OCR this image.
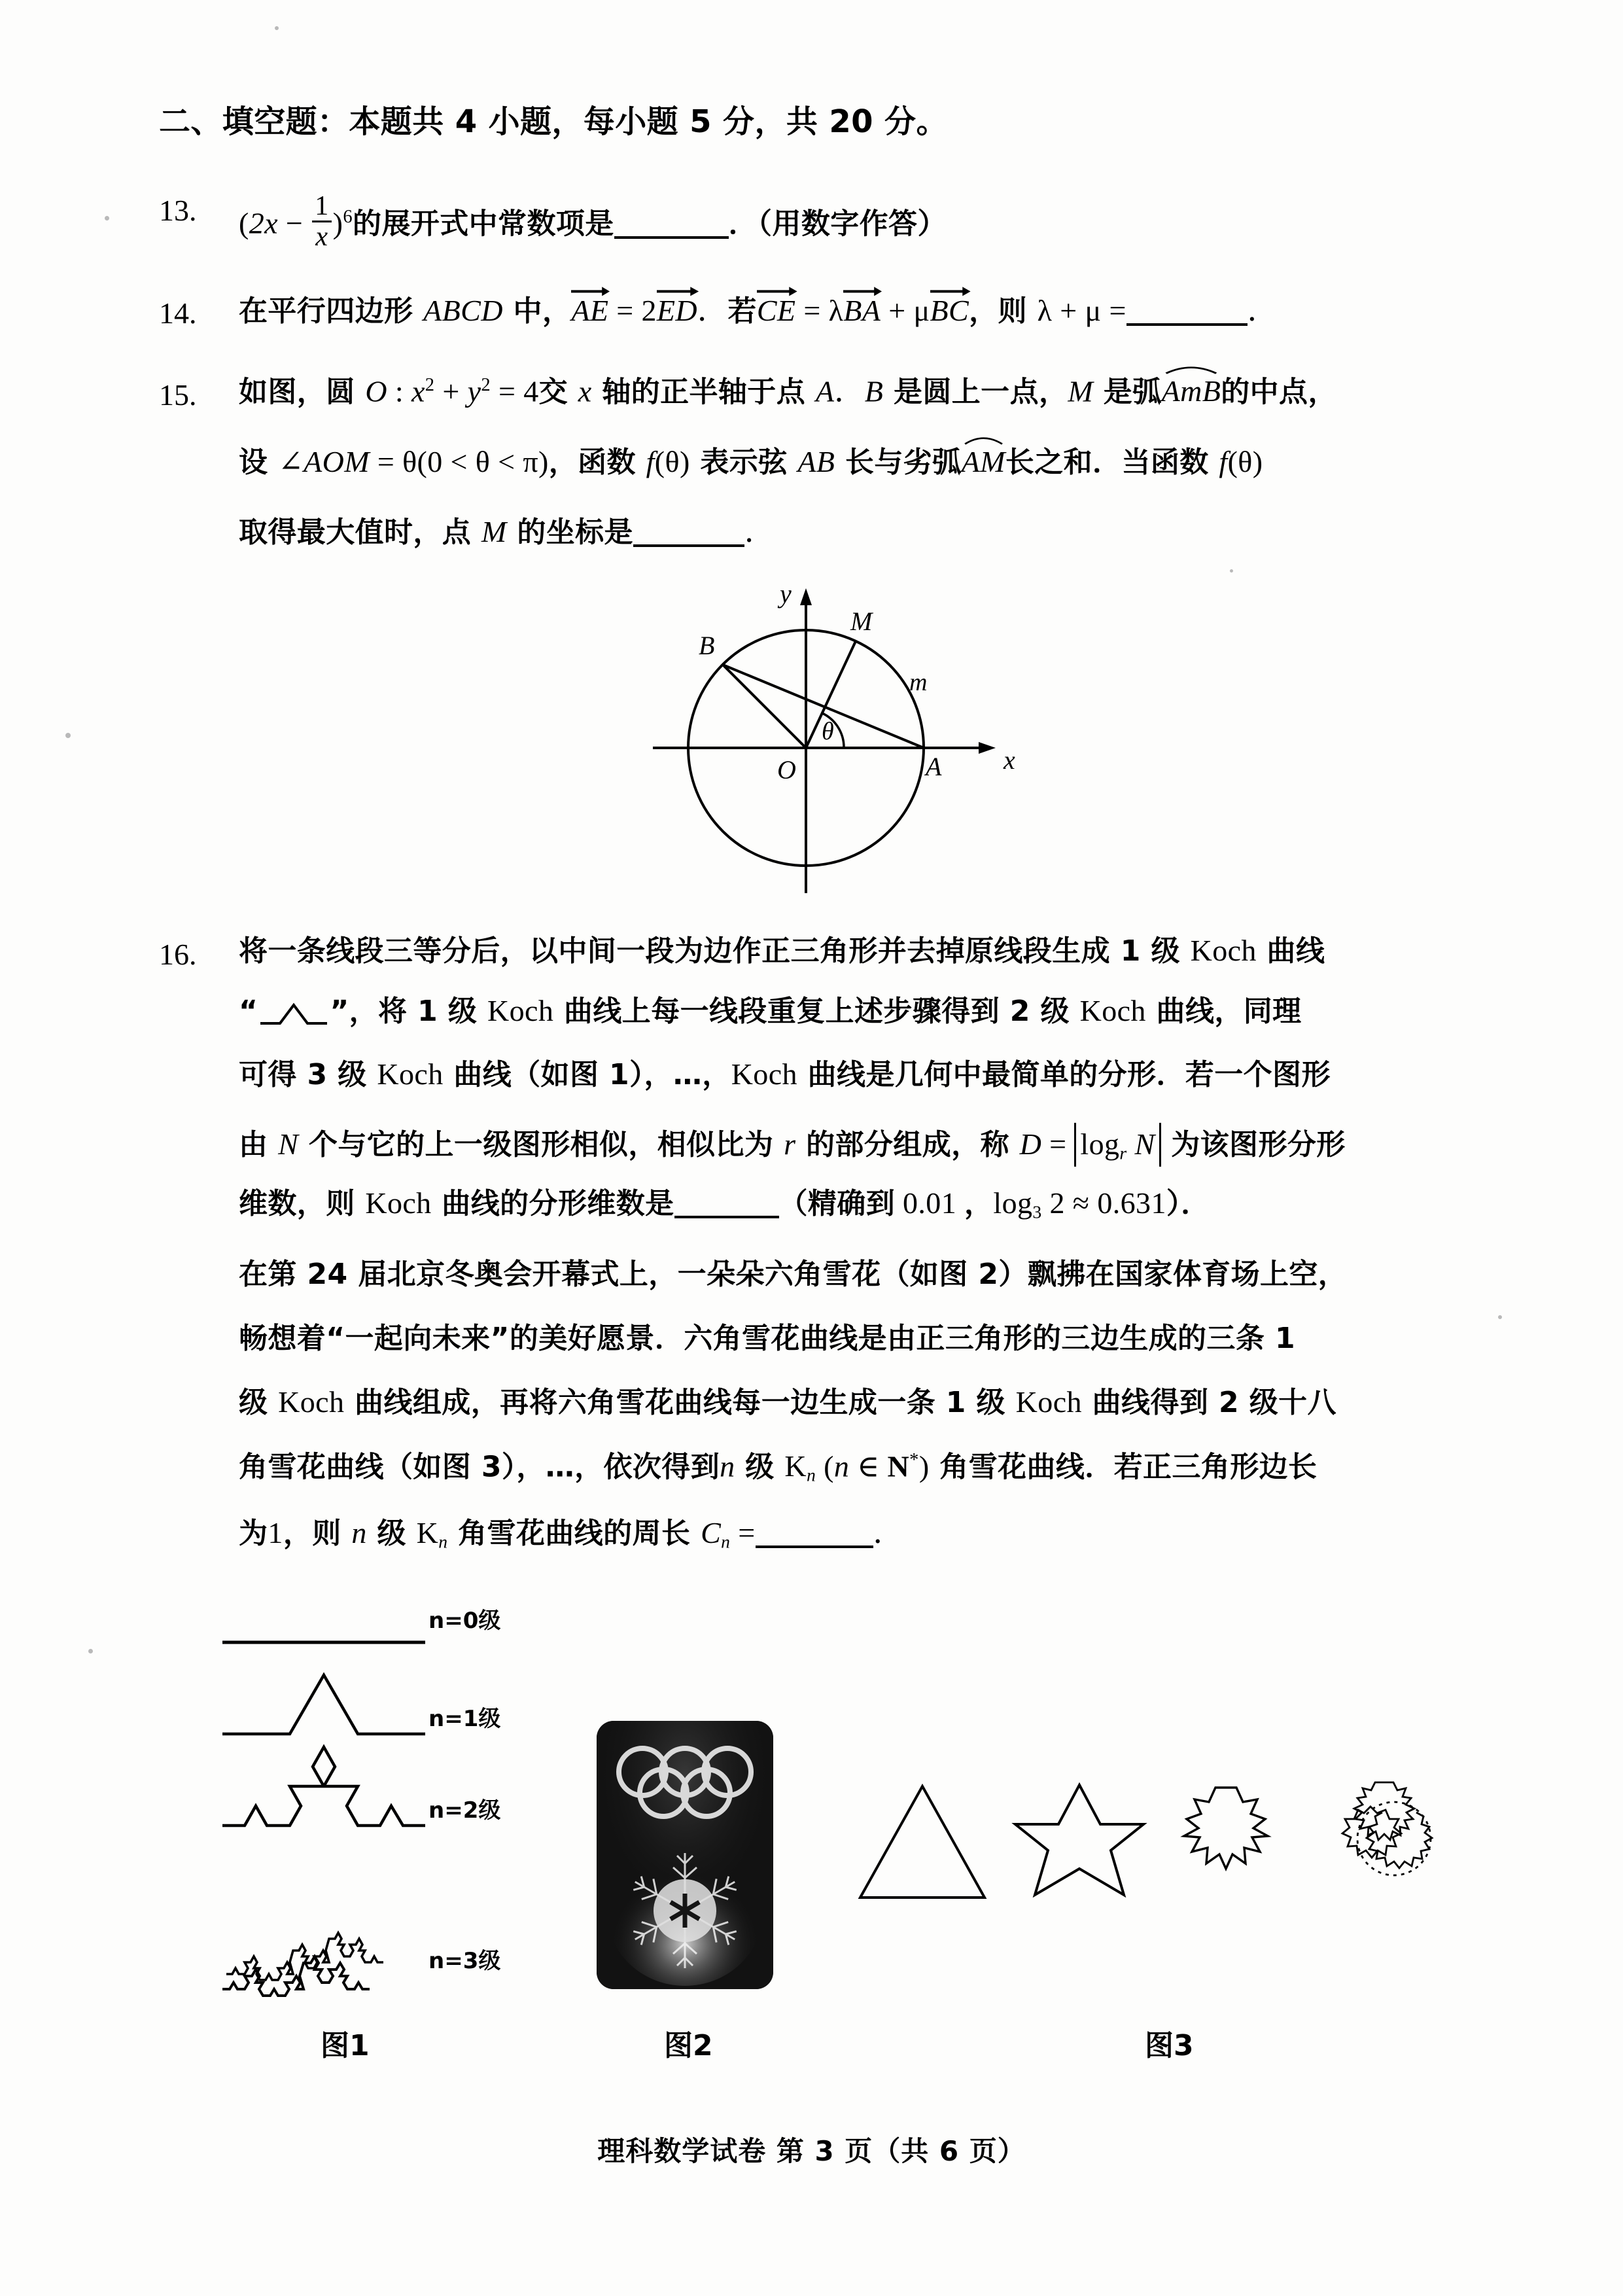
二、填空题：本题共 4 小题，每小题 5 分，共 20 分。
13. $(2x - \frac{1}{x} )^6$的展开式中常数项是	．（用数字作答）
14. 在平行四边形 ABCD 中，AE
= 2ED
．若CE
= λBA
+ μBC
，则 λ + μ =	．
15. 如图，圆 O : $x^2 + y^2 = 4$交 x 轴的正半轴于点 A．B 是圆上一点，M 是弧AmB
的中点，
设 ∠AOM = θ(0 < θ < π)，函数 f(θ) 表示弦 AB 长与劣弧AM
长之和．当函数 f(θ)
取得最大值时，点 M 的坐标是	．
y
x
O	A
B
M
m
θ
16. 将一条线段三等分后，以中间一段为边作正三角形并去掉原线段生成 1 级 Koch 曲线
“	”，将 1 级 Koch 曲线上每一线段重复上述步骤得到 2 级 Koch 曲线，同理
可得 3 级 Koch 曲线（如图 1），…，Koch 曲线是几何中最简单的分形．若一个图形
由 N 个与它的上一级图形相似，相似比为 r 的部分组成，称 $D = \log_r N$ 为该图形分形
维数，则 Koch 曲线的分形维数是	（精确到 0.01 ，$\log_3 2 \approx 0.631$）．
在第 24 届北京冬奥会开幕式上，一朵朵六角雪花（如图 2）飘拂在国家体育场上空，
畅想着“一起向未来”的美好愿景．六角雪花曲线是由正三角形的三边生成的三条 1
级 Koch 曲线组成，再将六角雪花曲线每一边生成一条 1 级 Koch 曲线得到 2 级十八
角雪花曲线（如图 3），…，依次得到n 级 $K_n$ (n ∈ N*) 角雪花曲线．若正三角形边长
为1，则 n 级 $K_n$ 角雪花曲线的周长 $C_n$ =	．
n=0级
n=1级
n=2级
n=3级
图1	图2	图3
理科数学试卷 第 3 页（共 6 页）
